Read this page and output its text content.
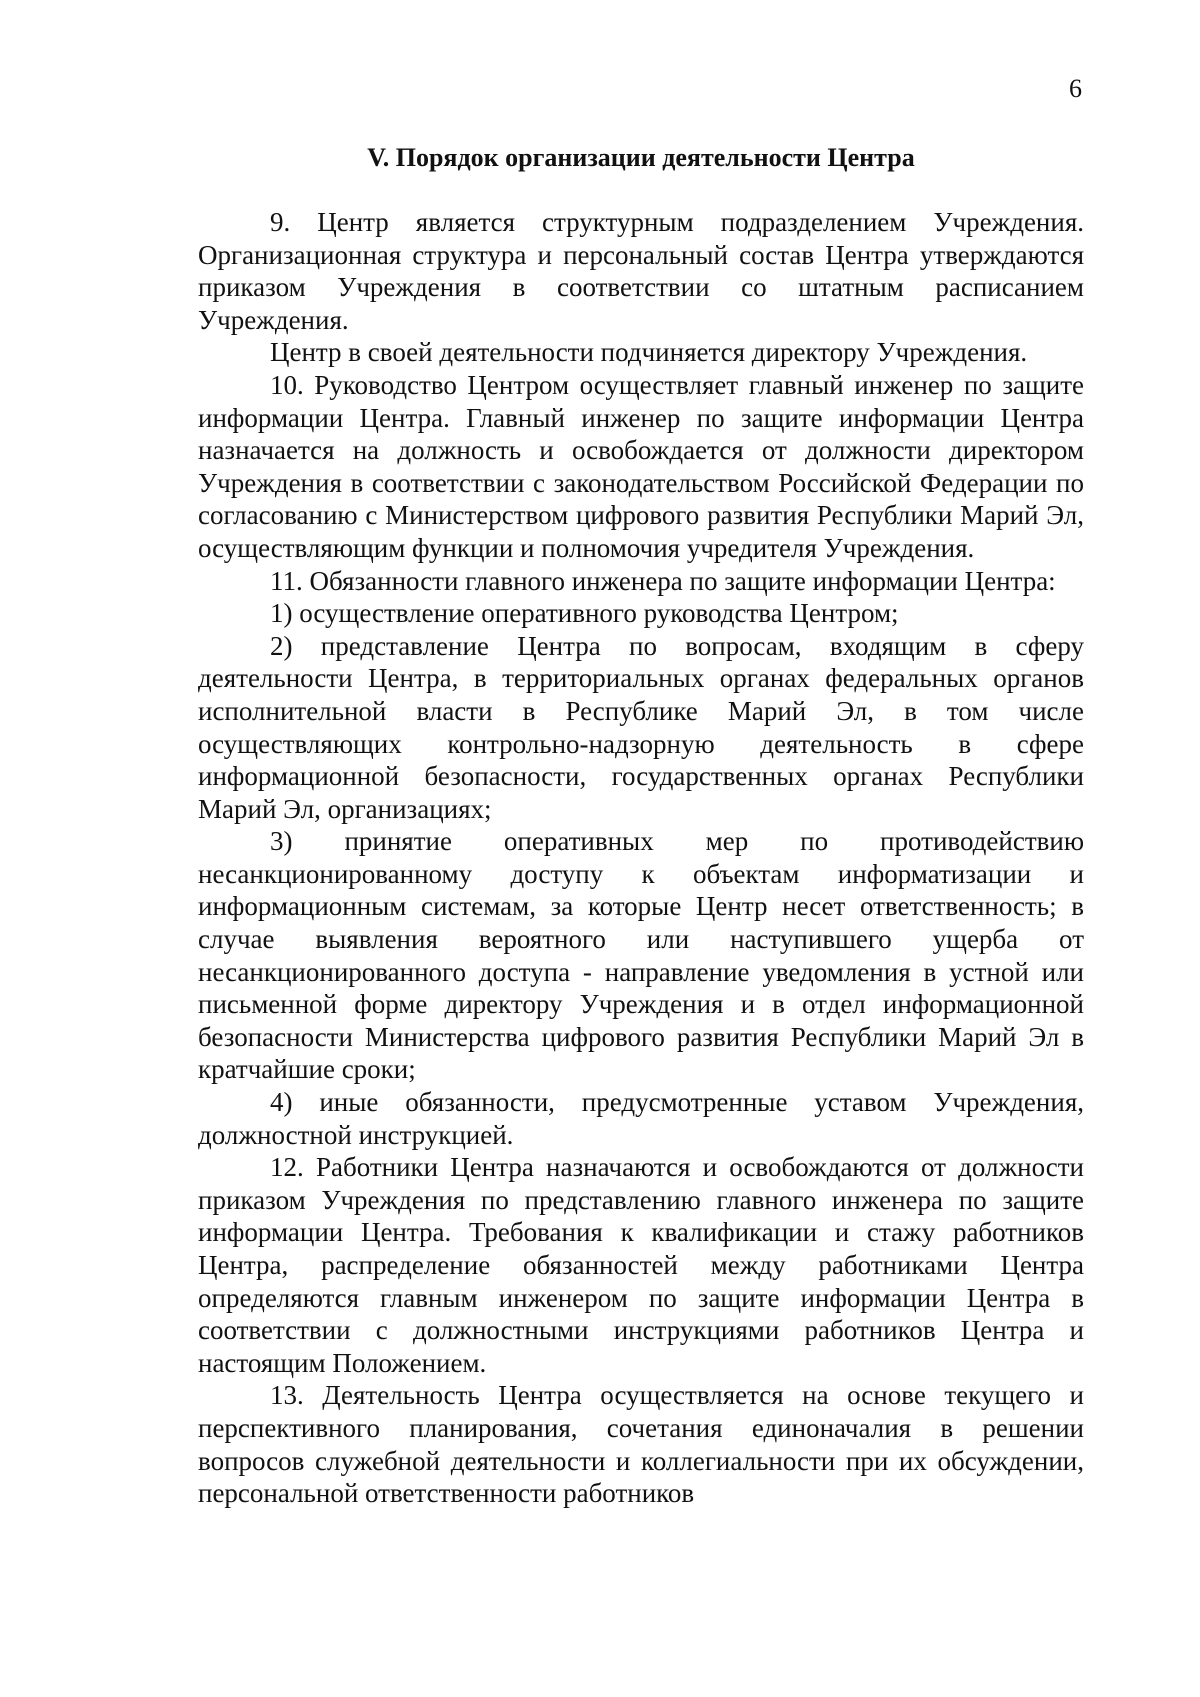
6
V. Порядок организации деятельности Центра

9. Центр является структурным подразделением Учреждения. Организационная структура и персональный состав Центра утверждаются приказом Учреждения в соответствии со штатным расписанием Учреждения.

Центр в своей деятельности подчиняется директору Учреждения.

10. Руководство Центром осуществляет главный инженер по защите информации Центра. Главный инженер по защите информации Центра назначается на должность и освобождается от должности директором Учреждения в соответствии с законодательством Российской Федерации по согласованию с Министерством цифрового развития Республики Марий Эл, осуществляющим функции и полномочия учредителя Учреждения.

11. Обязанности главного инженера по защите информации Центра:

1) осуществление оперативного руководства Центром;

2) представление Центра по вопросам, входящим в сферу деятельности Центра, в территориальных органах федеральных органов исполнительной власти в Республике Марий Эл, в том числе осуществляющих контрольно-надзорную деятельность в сфере информационной безопасности, государственных органах Республики Марий Эл, организациях;

3) принятие оперативных мер по противодействию несанкционированному доступу к объектам информатизации и информационным системам, за которые Центр несет ответственность; в случае выявления вероятного или наступившего ущерба от несанкционированного доступа - направление уведомления в устной или письменной форме директору Учреждения и в отдел информационной безопасности Министерства цифрового развития Республики Марий Эл в кратчайшие сроки;

4) иные обязанности, предусмотренные уставом Учреждения, должностной инструкцией.

12. Работники Центра назначаются и освобождаются от должности приказом Учреждения по представлению главного инженера по защите информации Центра. Требования к квалификации и стажу работников Центра, распределение обязанностей между работниками Центра определяются главным инженером по защите информации Центра в соответствии с должностными инструкциями работников Центра и настоящим Положением.

13. Деятельность Центра осуществляется на основе текущего и перспективного планирования, сочетания единоначалия в решении вопросов служебной деятельности и коллегиальности при их обсуждении, персональной ответственности работников
